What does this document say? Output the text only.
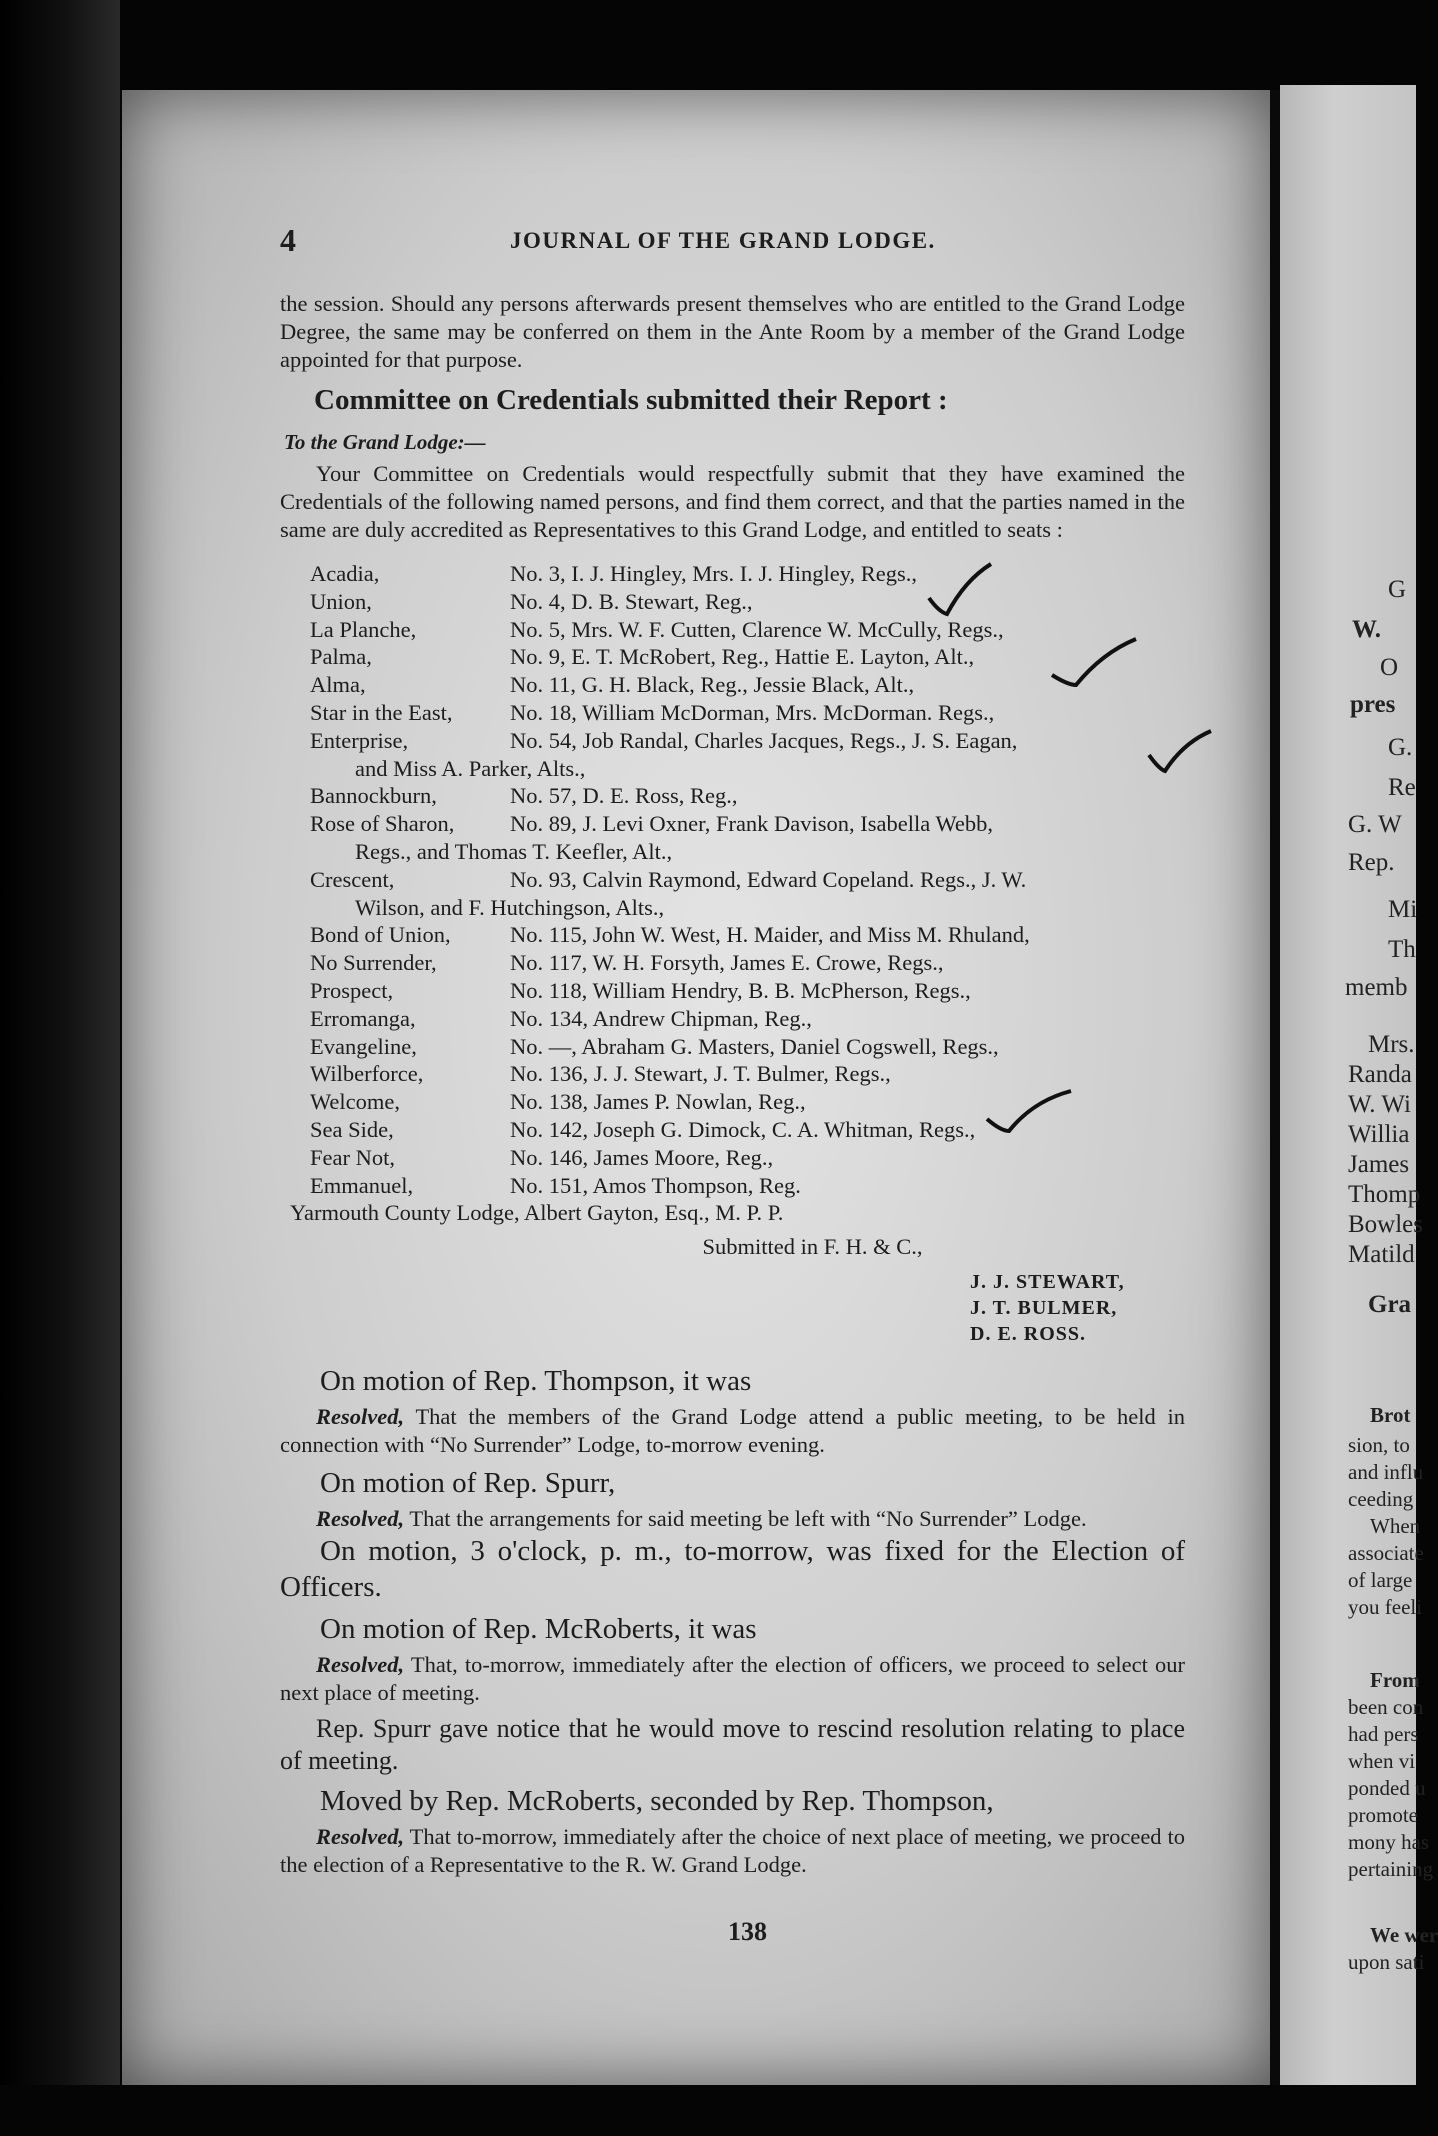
G
W.
O
pres
G.
Re
G. W
Rep.
Mi
Th
memb
Mrs.
Randa
W. Wi
Willia
James
Thomp
Bowles
Matild
Gra
Brot
sion, to
and influ
ceeding
When
associate
of large
you feeli
From
been con
had pers
when vi
ponded u
promote
mony has
pertaining
We wer
upon sati
4	JOURNAL OF THE GRAND LODGE.

the session. Should any persons afterwards present themselves who are entitled to the Grand Lodge Degree, the same may be conferred on them in the Ante Room by a member of the Grand Lodge appointed for that purpose.

Committee on Credentials submitted their Report :
To the Grand Lodge:—

Your Committee on Credentials would respectfully submit that they have examined the Credentials of the following named persons, and find them correct, and that the parties named in the same are duly accredited as Representatives to this Grand Lodge, and entitled to seats :

Acadia,	No. 3, I. J. Hingley, Mrs. I. J. Hingley, Regs.,
Union,	No. 4, D. B. Stewart, Reg.,
La Planche,	No. 5, Mrs. W. F. Cutten, Clarence W. McCully, Regs.,
Palma,	No. 9, E. T. McRobert, Reg., Hattie E. Layton, Alt.,
Alma,	No. 11, G. H. Black, Reg., Jessie Black, Alt.,
Star in the East,	No. 18, William McDorman, Mrs. McDorman. Regs.,
Enterprise,	No. 54, Job Randal, Charles Jacques, Regs., J. S. Eagan,
and Miss A. Parker, Alts.,
Bannockburn,	No. 57, D. E. Ross, Reg.,
Rose of Sharon,	No. 89, J. Levi Oxner, Frank Davison, Isabella Webb,
Regs., and Thomas T. Keefler, Alt.,
Crescent,	No. 93, Calvin Raymond, Edward Copeland. Regs., J. W.
Wilson, and F. Hutchingson, Alts.,
Bond of Union,	No. 115, John W. West, H. Maider, and Miss M. Rhuland,
No Surrender,	No. 117, W. H. Forsyth, James E. Crowe, Regs.,
Prospect,	No. 118, William Hendry, B. B. McPherson, Regs.,
Erromanga,	No. 134, Andrew Chipman, Reg.,
Evangeline,	No. —, Abraham G. Masters, Daniel Cogswell, Regs.,
Wilberforce,	No. 136, J. J. Stewart, J. T. Bulmer, Regs.,
Welcome,	No. 138, James P. Nowlan, Reg.,
Sea Side,	No. 142, Joseph G. Dimock, C. A. Whitman, Regs.,
Fear Not,	No. 146, James Moore, Reg.,
Emmanuel,	No. 151, Amos Thompson, Reg.
Yarmouth County Lodge, Albert Gayton, Esq., M. P. P.
Submitted in F. H. & C.,
J. J. STEWART,
J. T. BULMER,
D. E. ROSS.
On motion of Rep. Thompson, it was

Resolved, That the members of the Grand Lodge attend a public meeting, to be held in connection with “No Surrender” Lodge, to-morrow evening.

On motion of Rep. Spurr,

Resolved, That the arrangements for said meeting be left with “No Surrender” Lodge.

On motion, 3 o'clock, p. m., to-morrow, was fixed for the Election of Officers.

On motion of Rep. McRoberts, it was

Resolved, That, to-morrow, immediately after the election of officers, we proceed to select our next place of meeting.

Rep. Spurr gave notice that he would move to rescind resolution relating to place of meeting.

Moved by Rep. McRoberts, seconded by Rep. Thompson,

Resolved, That to-morrow, immediately after the choice of next place of meeting, we proceed to the election of a Representative to the R. W. Grand Lodge.

138
